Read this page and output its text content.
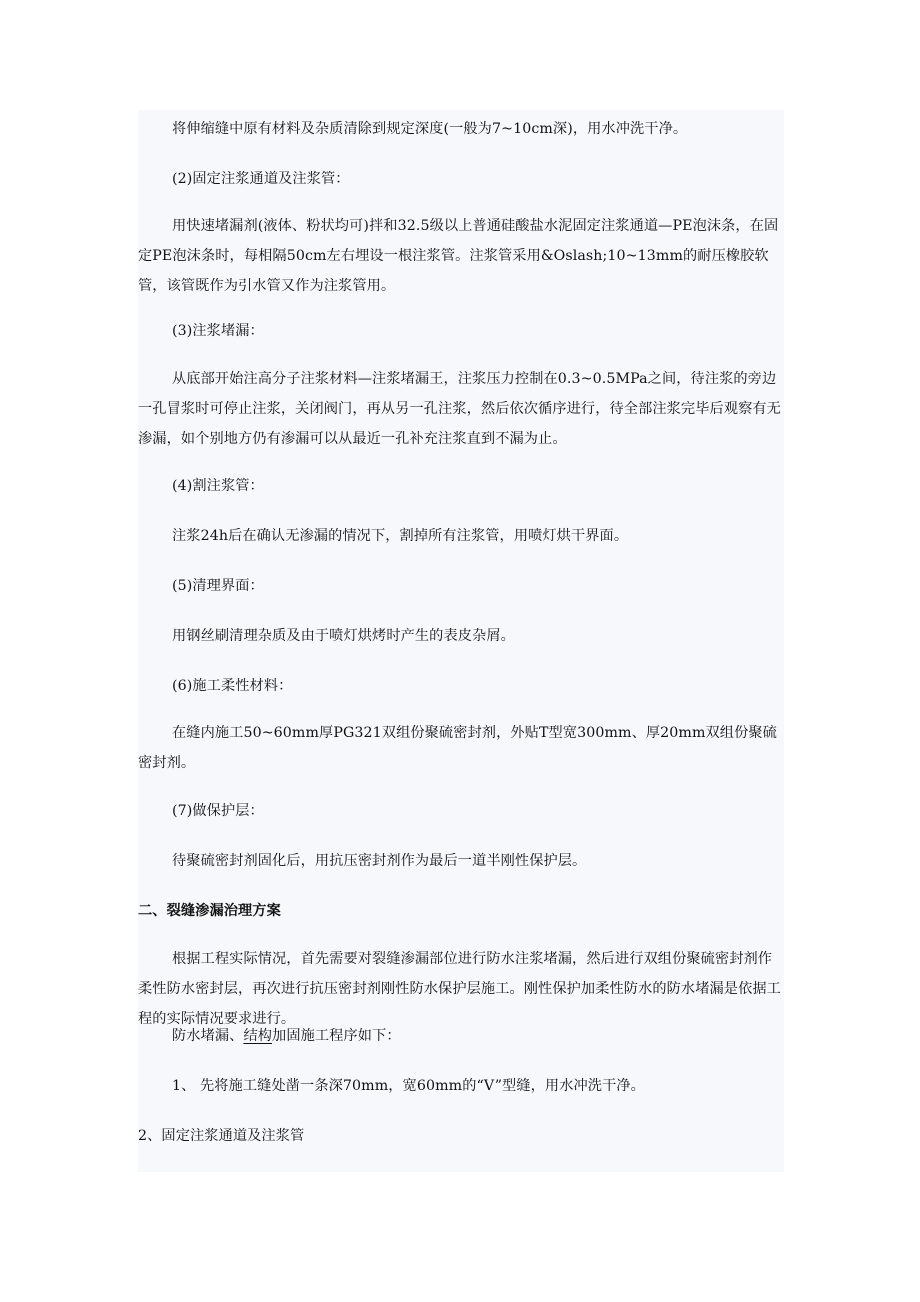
将伸缩缝中原有材料及杂质清除到规定深度(一般为7~10cm深)，用水冲洗干净。
(2)固定注浆通道及注浆管：
用快速堵漏剂(液体、粉状均可)拌和32.5级以上普通硅酸盐水泥固定注浆通道—PE泡沫条，在固定PE泡沫条时，每相隔50cm左右埋设一根注浆管。注浆管采用&Oslash;10~13mm的耐压橡胶软管，该管既作为引水管又作为注浆管用。
(3)注浆堵漏：
从底部开始注高分子注浆材料—注浆堵漏王，注浆压力控制在0.3~0.5MPa之间，待注浆的旁边一孔冒浆时可停止注浆，关闭阀门，再从另一孔注浆，然后依次循序进行，待全部注浆完毕后观察有无渗漏，如个别地方仍有渗漏可以从最近一孔补充注浆直到不漏为止。
(4)割注浆管：
注浆24h后在确认无渗漏的情况下，割掉所有注浆管，用喷灯烘干界面。
(5)清理界面：
用钢丝刷清理杂质及由于喷灯烘烤时产生的表皮杂屑。
(6)施工柔性材料：
在缝内施工50~60mm厚PG321双组份聚硫密封剂，外贴T型宽300mm、厚20mm双组份聚硫密封剂。
(7)做保护层：
待聚硫密封剂固化后，用抗压密封剂作为最后一道半刚性保护层。
二、裂缝渗漏治理方案
根据工程实际情况，首先需要对裂缝渗漏部位进行防水注浆堵漏，然后进行双组份聚硫密封剂作柔性防水密封层，再次进行抗压密封剂刚性防水保护层施工。刚性保护加柔性防水的防水堵漏是依据工程的实际情况要求进行。
防水堵漏、结构加固施工程序如下：
1、 先将施工缝处凿一条深70mm，宽60mm的“V”型缝，用水冲洗干净。
2、固定注浆通道及注浆管
